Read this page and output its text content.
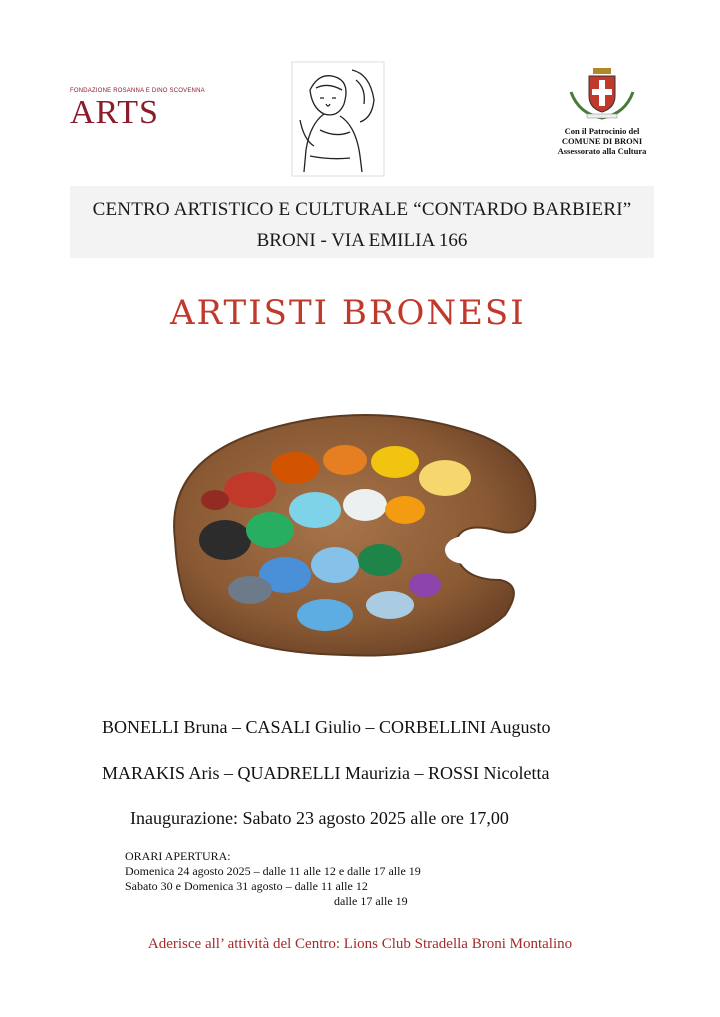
FONDAZIONE ROSANNA E DINO SCOVENNA
ARTS	Con il Patrocinio del
COMUNE DI BRONI
Assessorato alla Cultura
CENTRO ARTISTICO E CULTURALE “CONTARDO BARBIERI”
BRONI - VIA EMILIA 166
ARTISTI BRONESI
BONELLI Bruna – CASALI Giulio – CORBELLINI Augusto
MARAKIS Aris – QUADRELLI Maurizia – ROSSI Nicoletta
Inaugurazione: Sabato 23 agosto 2025 alle ore 17,00
ORARI APERTURA:
Domenica 24 agosto 2025 – dalle 11 alle 12 e dalle 17 alle 19
Sabato 30 e Domenica 31 agosto – dalle 11 alle 12
dalle 17 alle 19
Aderisce all’ attività del Centro: Lions Club Stradella Broni Montalino
